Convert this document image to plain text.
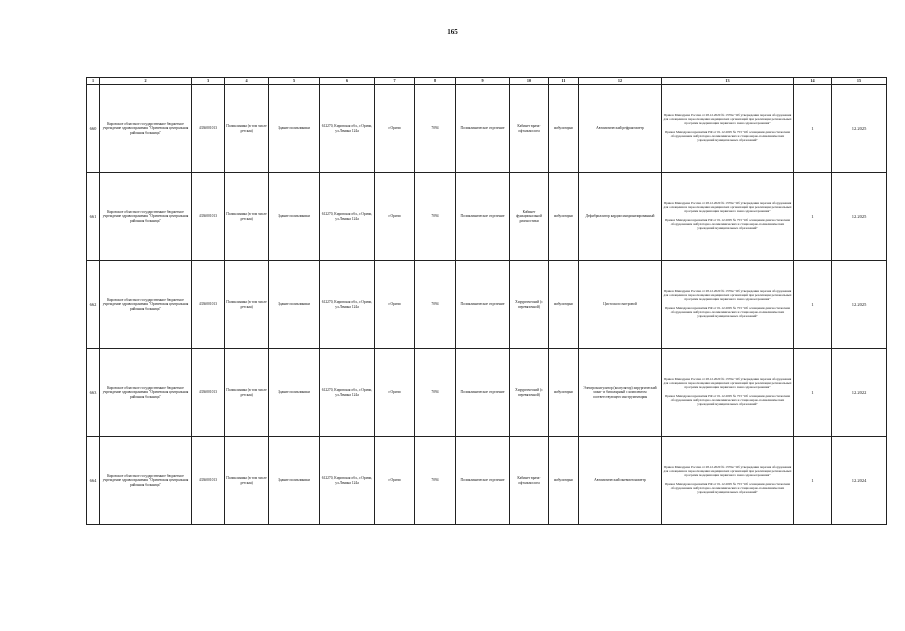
165
1	2	3	4	5	6	7	8	9	10	11	12	13	14	15
660	Кировское областное государственное бюджетное учреждение здравоохранения "Оричевская центральная районная больница"	4336001013	Поликлиника (в том числе детская)	Здание поликлиники	612270, Кировская обл., г.Оричи, ул.Ленина 124а	г.Оричи	7094	Поликлиническое отделение	Кабинет врача-офтальмолога	амбулаторно	Автоматический рефрактометр	Приказ Минздрава России от 28.12.2020 № 1379н "Об утверждении перечня оборудования для оснащения и переоснащения медицинских организаций при реализации региональных программ модернизации первичного звена здравоохранения"
Приказ Минздравсоцразвития РФ от 01.12.2005 № 753 "Об оснащении диагностическим оборудованием амбулаторно-поликлинических и стационарно-поликлинических учреждений муниципальных образований"	1	12.2025
661	Кировское областное государственное бюджетное учреждение здравоохранения "Оричевская центральная районная больница"	4336001013	Поликлиника (в том числе детская)	Здание поликлиники	612270, Кировская обл., г.Оричи, ул.Ленина 124а	г.Оричи	7094	Поликлиническое отделение	Кабинет функциональной диагностики	амбулаторно	Дефибриллятор кардиосинхронизированный	Приказ Минздрава России от 28.12.2020 № 1379н "Об утверждении перечня оборудования для оснащения и переоснащения медицинских организаций при реализации региональных программ модернизации первичного звена здравоохранения"
Приказ Минздравсоцразвития РФ от 01.12.2005 № 753 "Об оснащении диагностическим оборудованием амбулаторно-поликлинических и стационарно-поликлинических учреждений муниципальных образований"	1	12.2025
662	Кировское областное государственное бюджетное учреждение здравоохранения "Оричевская центральная районная больница"	4336001013	Поликлиника (в том числе детская)	Здание поликлиники	612270, Кировская обл., г.Оричи, ул.Ленина 124а	г.Оричи	7094	Поликлиническое отделение	Хирургический (с перевязочной)	амбулаторно	Цистоскоп смотровой	Приказ Минздрава России от 28.12.2020 № 1379н "Об утверждении перечня оборудования для оснащения и переоснащения медицинских организаций при реализации региональных программ модернизации первичного звена здравоохранения"
Приказ Минздравсоцразвития РФ от 01.12.2005 № 753 "Об оснащении диагностическим оборудованием амбулаторно-поликлинических и стационарно-поликлинических учреждений муниципальных образований"	1	12.2025
663	Кировское областное государственное бюджетное учреждение здравоохранения "Оричевская центральная районная больница"	4336001013	Поликлиника (в том числе детская)	Здание поликлиники	612270, Кировская обл., г.Оричи, ул.Ленина 124а	г.Оричи	7094	Поликлиническое отделение	Хирургический (с перевязочной)	амбулаторно	Электрокоагулятор (коагулятор) хирургический моно- и биполярный с комплектом соответствующего инструментария	Приказ Минздрава России от 28.12.2020 № 1379н "Об утверждении перечня оборудования для оснащения и переоснащения медицинских организаций при реализации региональных программ модернизации первичного звена здравоохранения"
Приказ Минздравсоцразвития РФ от 01.12.2005 № 753 "Об оснащении диагностическим оборудованием амбулаторно-поликлинических и стационарно-поликлинических учреждений муниципальных образований"	1	12.2022
664	Кировское областное государственное бюджетное учреждение здравоохранения "Оричевская центральная районная больница"	4336001013	Поликлиника (в том числе детская)	Здание поликлиники	612270, Кировская обл., г.Оричи, ул.Ленина 124а	г.Оричи	7094	Поликлиническое отделение	Кабинет врача-офтальмолога	амбулаторно	Автоматический пневмотонометр	Приказ Минздрава России от 28.12.2020 № 1379н "Об утверждении перечня оборудования для оснащения и переоснащения медицинских организаций при реализации региональных программ модернизации первичного звена здравоохранения"
Приказ Минздравсоцразвития РФ от 01.12.2005 № 753 "Об оснащении диагностическим оборудованием амбулаторно-поликлинических и стационарно-поликлинических учреждений муниципальных образований"	1	12.2024
